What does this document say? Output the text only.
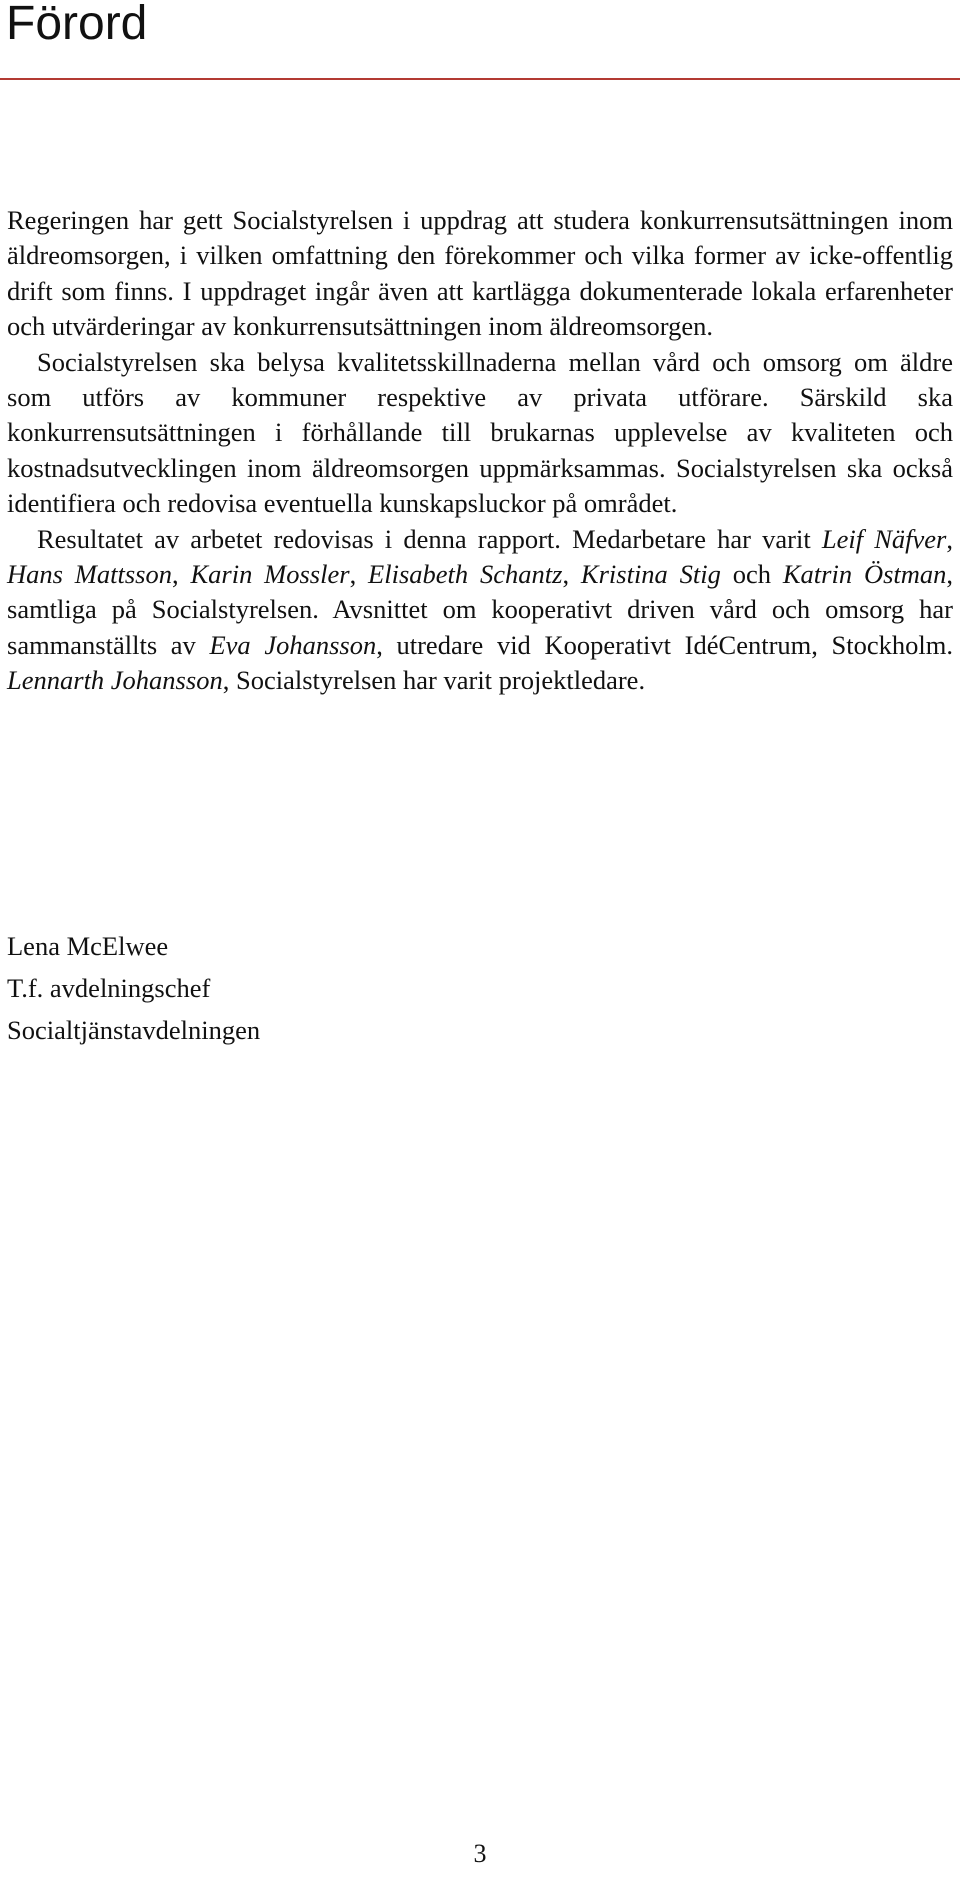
Förord

Regeringen har gett Socialstyrelsen i uppdrag att studera konkurrensutsättningen inom äldreomsorgen, i vilken omfattning den förekommer och vilka former av icke-offentlig drift som finns. I uppdraget ingår även att kartlägga dokumenterade lokala erfarenheter och utvärderingar av konkurrensutsättningen inom äldreomsorgen.

Socialstyrelsen ska belysa kvalitetsskillnaderna mellan vård och omsorg om äldre som utförs av kommuner respektive av privata utförare. Särskild ska konkurrensutsättningen i förhållande till brukarnas upplevelse av kvaliteten och kostnadsutvecklingen inom äldreomsorgen uppmärksammas. Socialstyrelsen ska också identifiera och redovisa eventuella kunskapsluckor på området.

Resultatet av arbetet redovisas i denna rapport. Medarbetare har varit Leif Näfver, Hans Mattsson, Karin Mossler, Elisabeth Schantz, Kristina Stig och Katrin Östman, samtliga på Socialstyrelsen. Avsnittet om kooperativt driven vård och omsorg har sammanställts av Eva Johansson, utredare vid Kooperativt IdéCentrum, Stockholm. Lennarth Johansson, Socialstyrelsen har varit projektledare.

Lena McElwee
T.f. avdelningschef
Socialtjänstavdelningen
3
